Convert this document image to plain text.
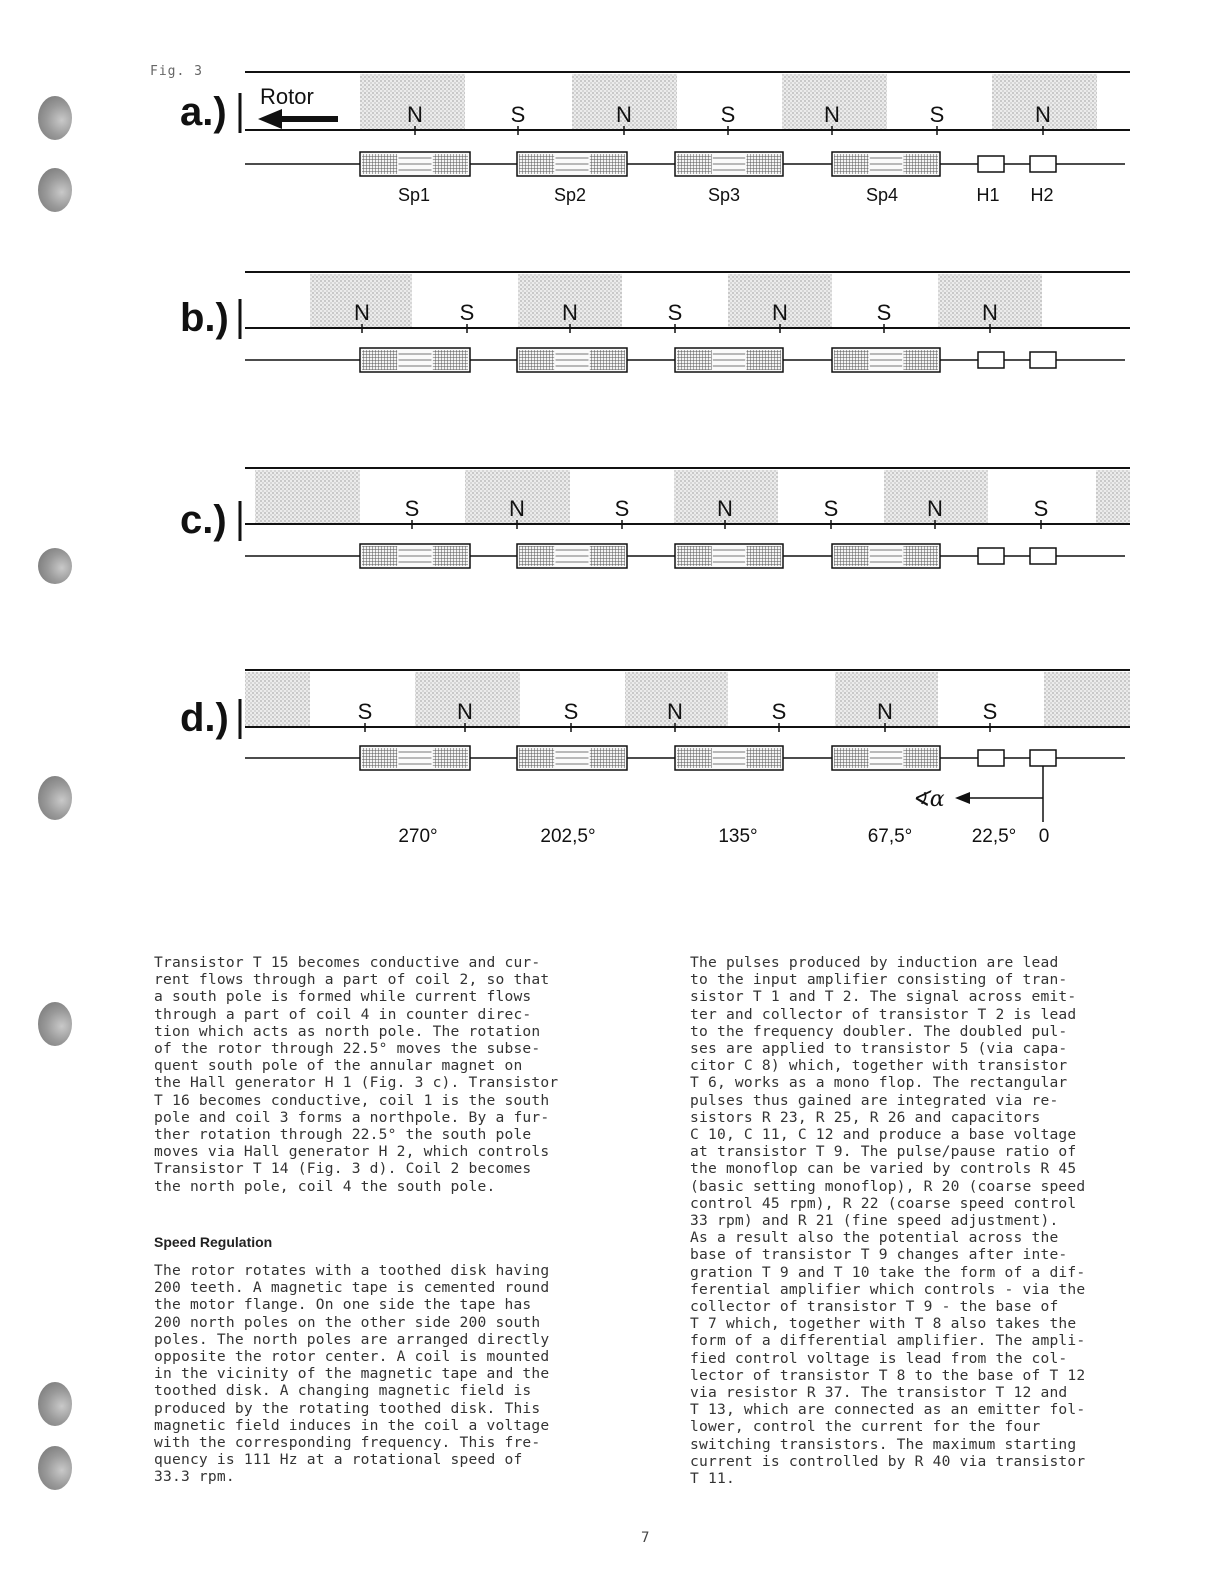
Fig. 3
N	S	N	S	N	S	N
a.)
N	S	N	S	N	S	N
b.)
S	N	S	N	S	N	S
c.)
S	N	S	N	S	N	S
d.)
Rotor
Sp1	Sp2	Sp3	Sp4	H1 H2
∢α
270°	202,5°	135°	67,5°	22,5° 0

Transistor T 15 becomes conductive and cur-
rent flows through a part of coil 2, so that
a south pole is formed while current flows
through a part of coil 4 in counter direc-
tion which acts as north pole. The rotation
of the rotor through 22.5° moves the subse-
quent south pole of the annular magnet on
the Hall generator H 1 (Fig. 3 c). Transistor
T 16 becomes conductive, coil 1 is the south
pole and coil 3 forms a northpole. By a fur-
ther rotation through 22.5° the south pole
moves via Hall generator H 2, which controls
Transistor T 14 (Fig. 3 d). Coil 2 becomes
the north pole, coil 4 the south pole.

Speed Regulation

The rotor rotates with a toothed disk having
200 teeth. A magnetic tape is cemented round
the motor flange. On one side the tape has
200 north poles on the other side 200 south
poles. The north poles are arranged directly
opposite the rotor center. A coil is mounted
in the vicinity of the magnetic tape and the
toothed disk. A changing magnetic field is
produced by the rotating toothed disk. This
magnetic field induces in the coil a voltage
with the corresponding frequency. This fre-
quency is 111 Hz at a rotational speed of
33.3 rpm.

The pulses produced by induction are lead
to the input amplifier consisting of tran-
sistor T 1 and T 2. The signal across emit-
ter and collector of transistor T 2 is lead
to the frequency doubler. The doubled pul-
ses are applied to transistor 5 (via capa-
citor C 8) which, together with transistor
T 6, works as a mono flop. The rectangular
pulses thus gained are integrated via re-
sistors R 23, R 25, R 26 and capacitors
C 10, C 11, C 12 and produce a base voltage
at transistor T 9. The pulse/pause ratio of
the monoflop can be varied by controls R 45
(basic setting monoflop), R 20 (coarse speed
control 45 rpm), R 22 (coarse speed control
33 rpm) and R 21 (fine speed adjustment).
As a result also the potential across the
base of transistor T 9 changes after inte-
gration T 9 and T 10 take the form of a dif-
ferential amplifier which controls - via the
collector of transistor T 9 - the base of
T 7 which, together with T 8 also takes the
form of a differential amplifier. The ampli-
fied control voltage is lead from the col-
lector of transistor T 8 to the base of T 12
via resistor R 37. The transistor T 12 and
T 13, which are connected as an emitter fol-
lower, control the current for the four
switching transistors. The maximum starting
current is controlled by R 40 via transistor
T 11.

7
